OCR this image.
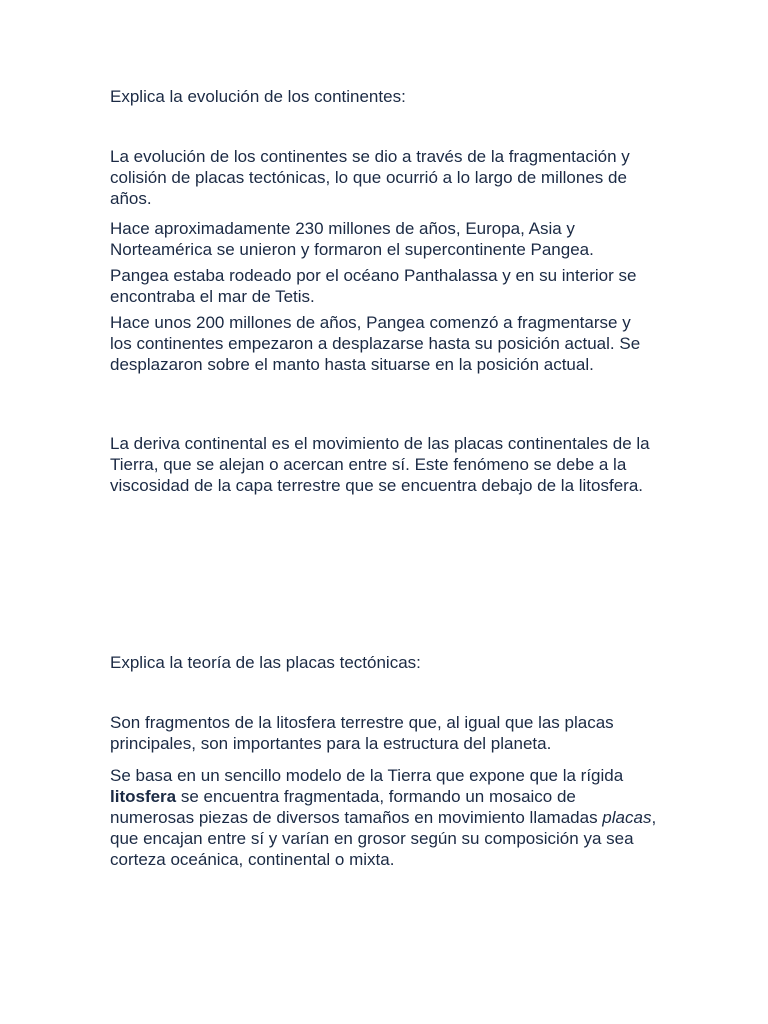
Explica la evolución de los continentes:

La evolución de los continentes se dio a través de la fragmentación y colisión de placas tectónicas, lo que ocurrió a lo largo de millones de años.

Hace aproximadamente 230 millones de años, Europa, Asia y Norteamérica se unieron y formaron el supercontinente Pangea.

Pangea estaba rodeado por el océano Panthalassa y en su interior se encontraba el mar de Tetis.

Hace unos 200 millones de años, Pangea comenzó a fragmentarse y los continentes empezaron a desplazarse hasta su posición actual. Se desplazaron sobre el manto hasta situarse en la posición actual.

La deriva continental es el movimiento de las placas continentales de la Tierra, que se alejan o acercan entre sí. Este fenómeno se debe a la viscosidad de la capa terrestre que se encuentra debajo de la litosfera.

Explica la teoría de las placas tectónicas:

Son fragmentos de la litosfera terrestre que, al igual que las placas principales, son importantes para la estructura del planeta.

Se basa en un sencillo modelo de la Tierra que expone que la rígida litosfera se encuentra fragmentada, formando un mosaico de numerosas piezas de diversos tamaños en movimiento llamadas placas, que encajan entre sí y varían en grosor según su composición ya sea corteza oceánica, continental o mixta.
